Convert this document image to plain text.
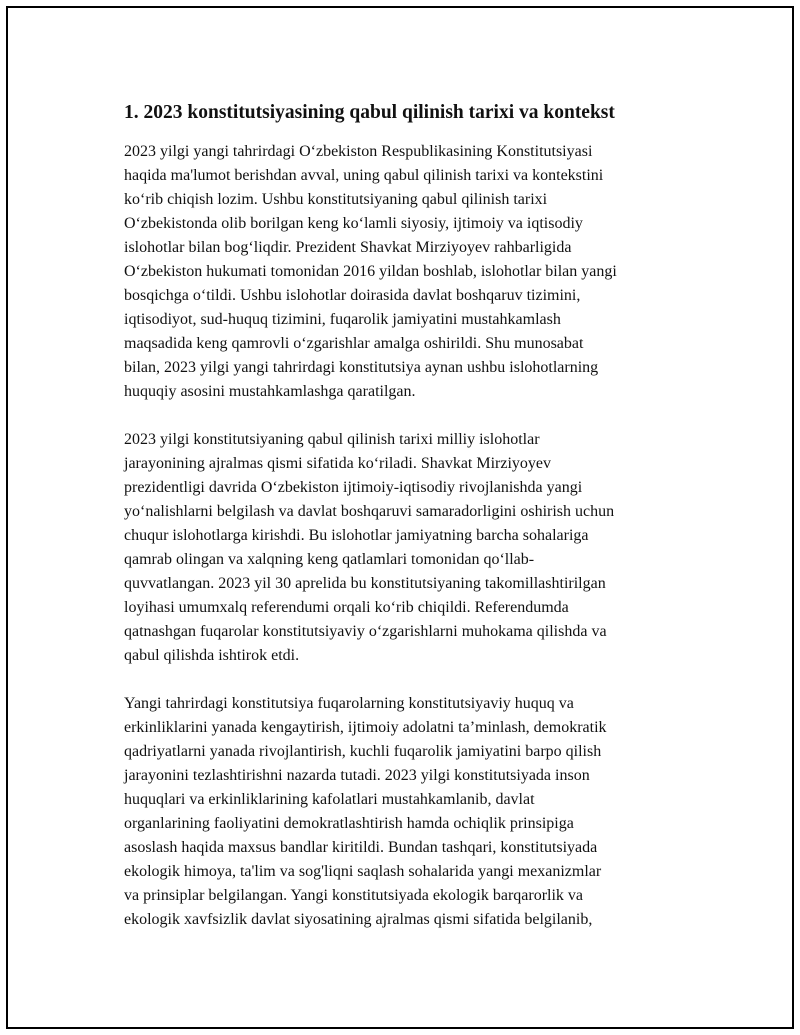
1. 2023 konstitutsiyasining qabul qilinish tarixi va kontekst
2023 yilgi yangi tahrirdagi O‘zbekiston Respublikasining Konstitutsiyasi
haqida ma'lumot berishdan avval, uning qabul qilinish tarixi va kontekstini
ko‘rib chiqish lozim. Ushbu konstitutsiyaning qabul qilinish tarixi
O‘zbekistonda olib borilgan keng ko‘lamli siyosiy, ijtimoiy va iqtisodiy
islohotlar bilan bog‘liqdir. Prezident Shavkat Mirziyoyev rahbarligida
O‘zbekiston hukumati tomonidan 2016 yildan boshlab, islohotlar bilan yangi
bosqichga o‘tildi. Ushbu islohotlar doirasida davlat boshqaruv tizimini,
iqtisodiyot, sud-huquq tizimini, fuqarolik jamiyatini mustahkamlash
maqsadida keng qamrovli o‘zgarishlar amalga oshirildi. Shu munosabat
bilan, 2023 yilgi yangi tahrirdagi konstitutsiya aynan ushbu islohotlarning
huquqiy asosini mustahkamlashga qaratilgan.
2023 yilgi konstitutsiyaning qabul qilinish tarixi milliy islohotlar
jarayonining ajralmas qismi sifatida ko‘riladi. Shavkat Mirziyoyev
prezidentligi davrida O‘zbekiston ijtimoiy-iqtisodiy rivojlanishda yangi
yo‘nalishlarni belgilash va davlat boshqaruvi samaradorligini oshirish uchun
chuqur islohotlarga kirishdi. Bu islohotlar jamiyatning barcha sohalariga
qamrab olingan va xalqning keng qatlamlari tomonidan qo‘llab-
quvvatlangan. 2023 yil 30 aprelida bu konstitutsiyaning takomillashtirilgan
loyihasi umumxalq referendumi orqali ko‘rib chiqildi. Referendumda
qatnashgan fuqarolar konstitutsiyaviy o‘zgarishlarni muhokama qilishda va
qabul qilishda ishtirok etdi.
Yangi tahrirdagi konstitutsiya fuqarolarning konstitutsiyaviy huquq va
erkinliklarini yanada kengaytirish, ijtimoiy adolatni ta’minlash, demokratik
qadriyatlarni yanada rivojlantirish, kuchli fuqarolik jamiyatini barpo qilish
jarayonini tezlashtirishni nazarda tutadi. 2023 yilgi konstitutsiyada inson
huquqlari va erkinliklarining kafolatlari mustahkamlanib, davlat
organlarining faoliyatini demokratlashtirish hamda ochiqlik prinsipiga
asoslash haqida maxsus bandlar kiritildi. Bundan tashqari, konstitutsiyada
ekologik himoya, ta'lim va sog'liqni saqlash sohalarida yangi mexanizmlar
va prinsiplar belgilangan. Yangi konstitutsiyada ekologik barqarorlik va
ekologik xavfsizlik davlat siyosatining ajralmas qismi sifatida belgilanib,
